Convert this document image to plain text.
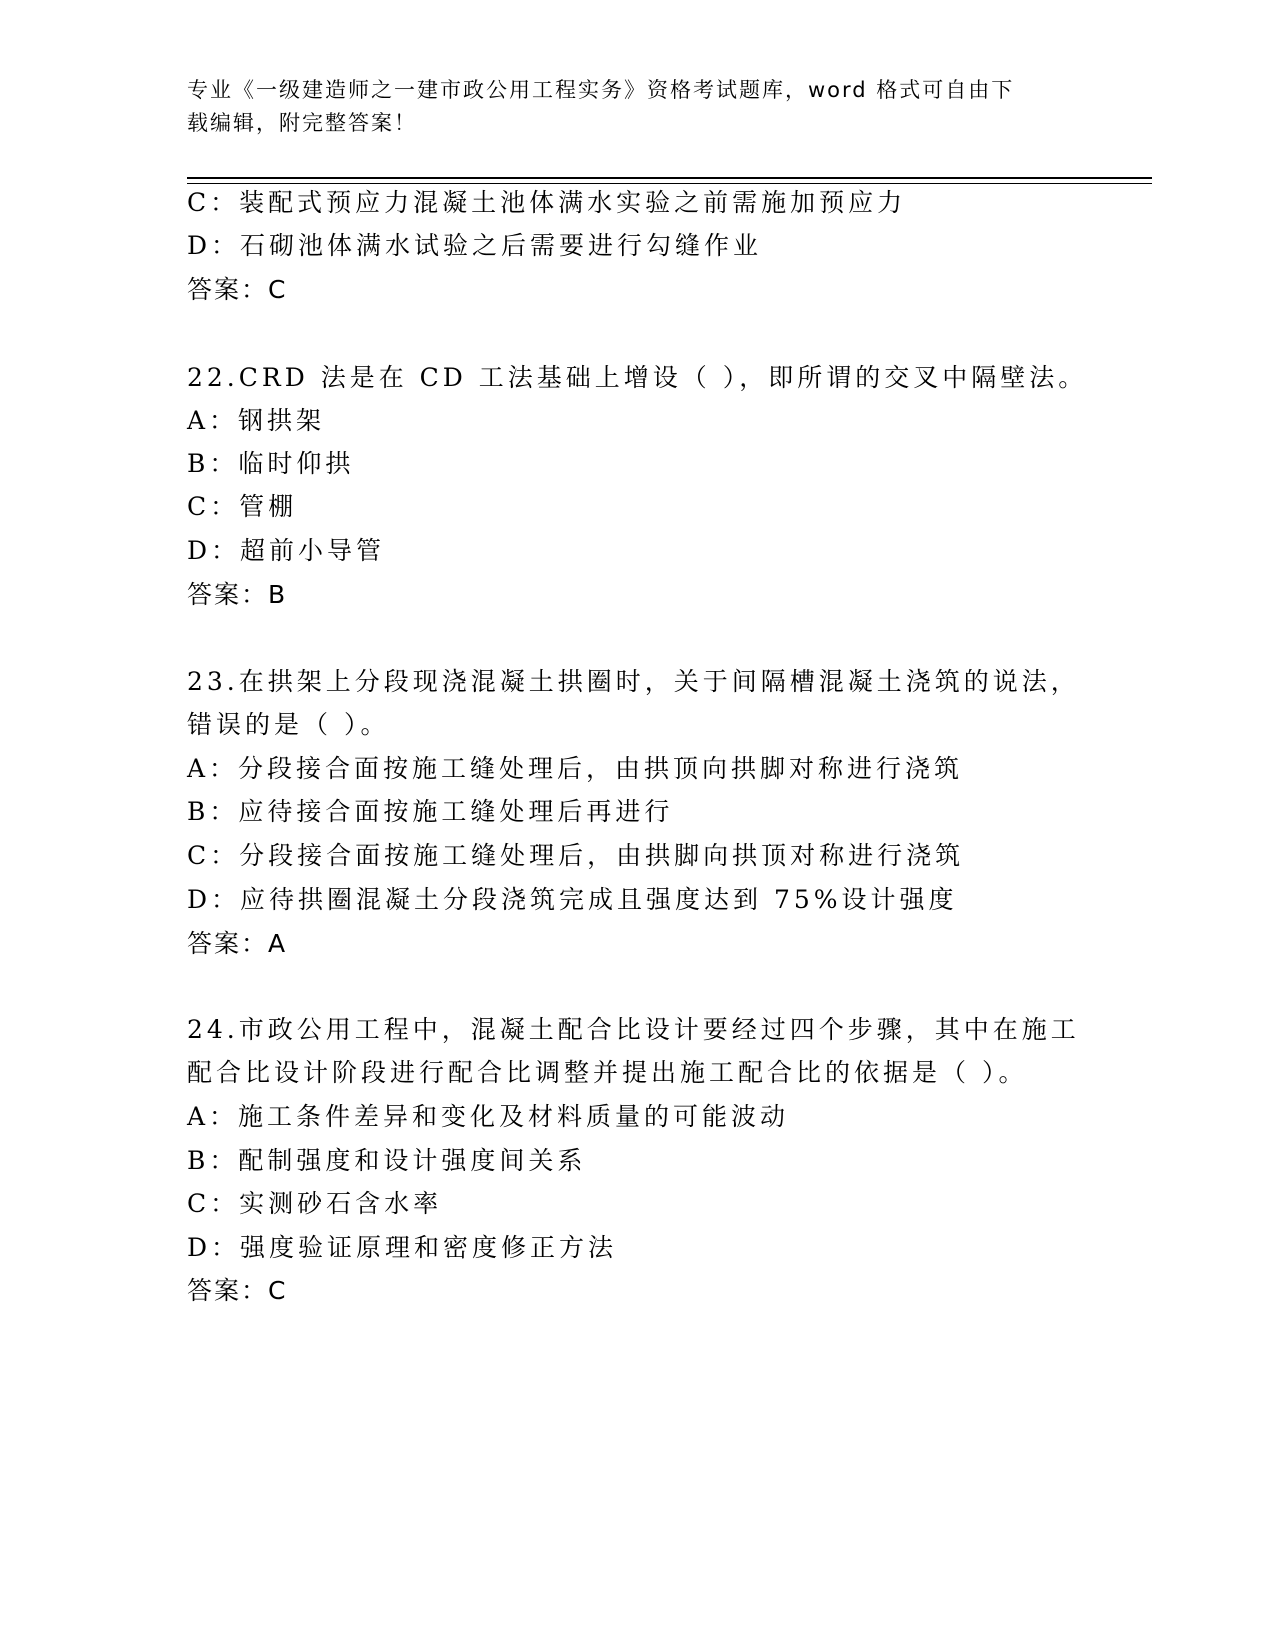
专业《一级建造师之一建市政公用工程实务》资格考试题库，word 格式可自由下
载编辑，附完整答案！
C：装配式预应力混凝土池体满水实验之前需施加预应力
D：石砌池体满水试验之后需要进行勾缝作业
答案：C
22.CRD 法是在 CD 工法基础上增设（ ），即所谓的交叉中隔壁法。
A：钢拱架
B：临时仰拱
C：管棚
D：超前小导管
答案：B
23.在拱架上分段现浇混凝土拱圈时，关于间隔槽混凝土浇筑的说法，
错误的是（ ）。
A：分段接合面按施工缝处理后，由拱顶向拱脚对称进行浇筑
B：应待接合面按施工缝处理后再进行
C：分段接合面按施工缝处理后，由拱脚向拱顶对称进行浇筑
D：应待拱圈混凝土分段浇筑完成且强度达到 75%设计强度
答案：A
24.市政公用工程中，混凝土配合比设计要经过四个步骤，其中在施工
配合比设计阶段进行配合比调整并提出施工配合比的依据是（ ）。
A：施工条件差异和变化及材料质量的可能波动
B：配制强度和设计强度间关系
C：实测砂石含水率
D：强度验证原理和密度修正方法
答案：C
